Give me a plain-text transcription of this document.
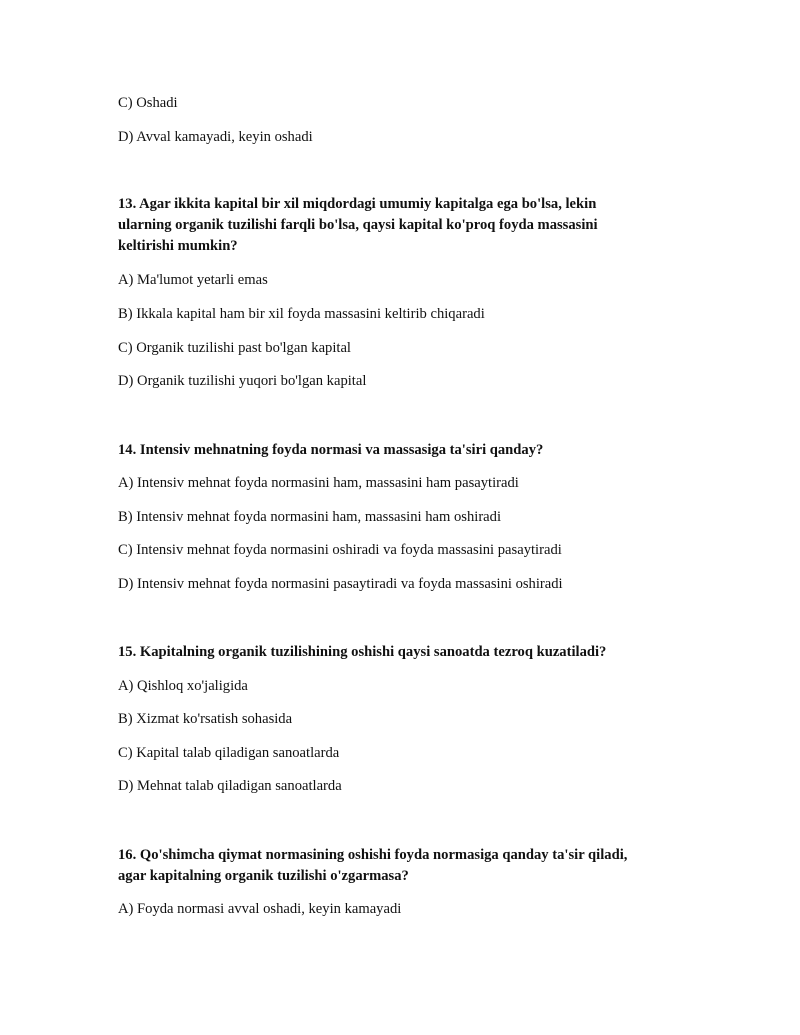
C) Oshadi
D) Avval kamayadi, keyin oshadi
13. Agar ikkita kapital bir xil miqdordagi umumiy kapitalga ega bo'lsa, lekin
ularning organik tuzilishi farqli bo'lsa, qaysi kapital ko'proq foyda massasini
keltirishi mumkin?
A) Ma'lumot yetarli emas
B) Ikkala kapital ham bir xil foyda massasini keltirib chiqaradi
C) Organik tuzilishi past bo'lgan kapital
D) Organik tuzilishi yuqori bo'lgan kapital
14. Intensiv mehnatning foyda normasi va massasiga ta'siri qanday?
A) Intensiv mehnat foyda normasini ham, massasini ham pasaytiradi
B) Intensiv mehnat foyda normasini ham, massasini ham oshiradi
C) Intensiv mehnat foyda normasini oshiradi va foyda massasini pasaytiradi
D) Intensiv mehnat foyda normasini pasaytiradi va foyda massasini oshiradi
15. Kapitalning organik tuzilishining oshishi qaysi sanoatda tezroq kuzatiladi?
A) Qishloq xo'jaligida
B) Xizmat ko'rsatish sohasida
C) Kapital talab qiladigan sanoatlarda
D) Mehnat talab qiladigan sanoatlarda
16. Qo'shimcha qiymat normasining oshishi foyda normasiga qanday ta'sir qiladi,
agar kapitalning organik tuzilishi o'zgarmasa?
A) Foyda normasi avval oshadi, keyin kamayadi
